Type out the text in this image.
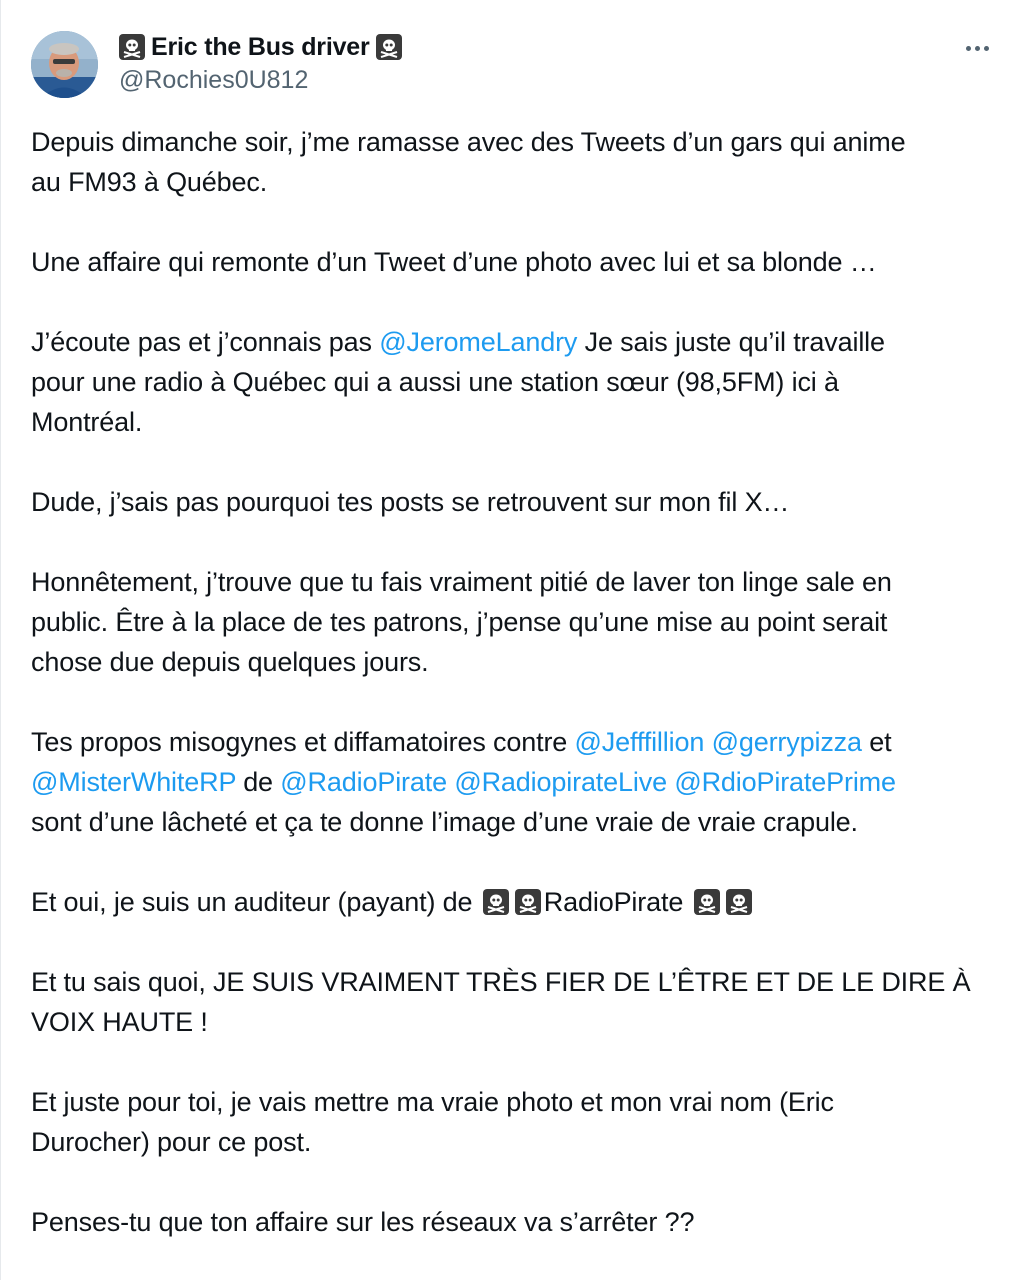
Eric the Bus driver
@Rochies0U812
Depuis dimanche soir, j’me ramasse avec des Tweets d’un gars qui anime
au FM93 à Québec.
Une affaire qui remonte d’un Tweet d’une photo avec lui et sa blonde …
J’écoute pas et j’connais pas @JeromeLandry Je sais juste qu’il travaille
pour une radio à Québec qui a aussi une station sœur (98,5FM) ici à
Montréal.
Dude, j’sais pas pourquoi tes posts se retrouvent sur mon fil X…
Honnêtement, j’trouve que tu fais vraiment pitié de laver ton linge sale en
public. Être à la place de tes patrons, j’pense qu’une mise au point serait
chose due depuis quelques jours.
Tes propos misogynes et diffamatoires contre @Jefffillion @gerrypizza et
@MisterWhiteRP de @RadioPirate @RadiopirateLive @RdioPiratePrime
sont d’une lâcheté et ça te donne l’image d’une vraie de vraie crapule.
Et oui, je suis un auditeur (payant) de
RadioPirate
Et tu sais quoi, JE SUIS VRAIMENT TRÈS FIER DE L’ÊTRE ET DE LE DIRE À
VOIX HAUTE !
Et juste pour toi, je vais mettre ma vraie photo et mon vrai nom (Eric
Durocher) pour ce post.
Penses-tu que ton affaire sur les réseaux va s’arrêter ??
